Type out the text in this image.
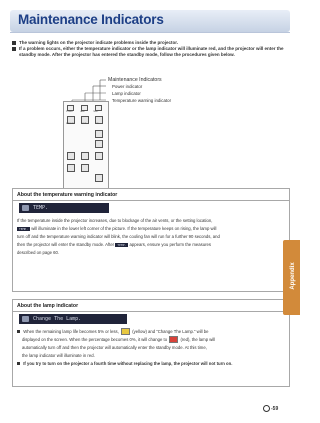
Maintenance Indicators
The warning lights on the projector indicate problems inside the projector.
If a problem occurs, either the temperature indicator or the lamp indicator will illuminate red, and the projector will enter the standby mode. After the projector has entered the standby mode, follow the procedures given below.
Maintenance Indicators
Power indicator
Lamp indicator
Temperature warning indicator
POWER	LAMP	TEMP.
STANDBY	INPUT	ON
About the temperature warning indicator
TEMP.
If the temperature inside the projector increases, due to blockage of the air vents, or the setting location,
TEMP. will illuminate in the lower left corner of the picture. If the temperature keeps on rising, the lamp will
turn off and the temperature warning indicator will blink, the cooling fan will run for a further 90 seconds, and
then the projector will enter the standby mode. After TEMP. appears, ensure you perform the measures
described on page 60.
About the lamp indicator
Change The Lamp.
When the remaining lamp life becomes 5% or less,	(yellow) and “Change The Lamp.” will be
displayed on the screen. When the percentage becomes 0%, it will change to	(red), the lamp will
automatically turn off and then the projector will automatically enter the standby mode. At this time,
the lamp indicator will illuminate in red.
If you try to turn on the projector a fourth time without replacing the lamp, the projector will not turn on.
Appendix
-59
